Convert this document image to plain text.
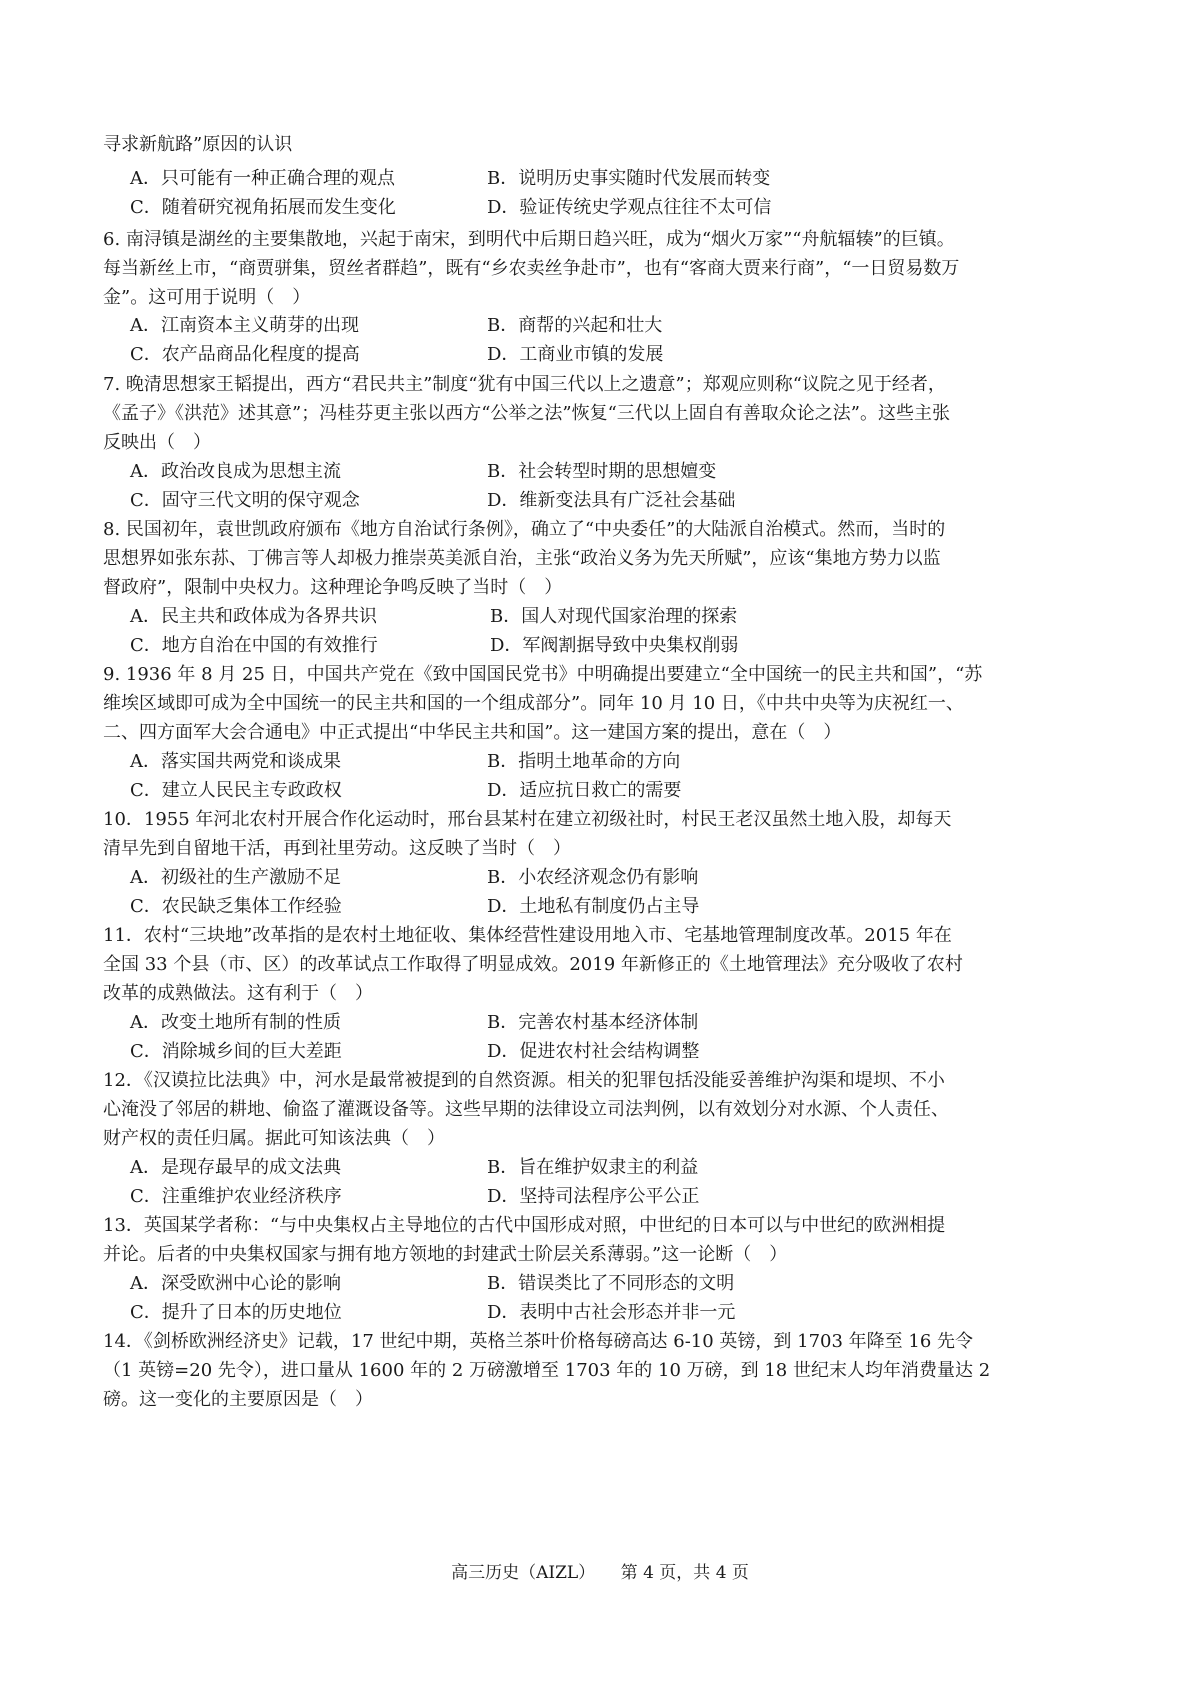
寻求新航路”原因的认识
A．只可能有一种正确合理的观点	B．说明历史事实随时代发展而转变
C．随着研究视角拓展而发生变化	D．验证传统史学观点往往不太可信
6. 南浔镇是湖丝的主要集散地，兴起于南宋，到明代中后期日趋兴旺，成为“烟火万家”“舟航辐辏”的巨镇。
每当新丝上市，“商贾骈集，贸丝者群趋”，既有“乡农卖丝争赴市”，也有“客商大贾来行商”，“一日贸易数万
金”。这可用于说明（　）
A．江南资本主义萌芽的出现	B．商帮的兴起和壮大
C．农产品商品化程度的提高	D．工商业市镇的发展
7. 晚清思想家王韬提出，西方“君民共主”制度“犹有中国三代以上之遗意”；郑观应则称“议院之见于经者，
《孟子》《洪范》述其意”；冯桂芬更主张以西方“公举之法”恢复“三代以上固自有善取众论之法”。这些主张
反映出（　）
A．政治改良成为思想主流	B．社会转型时期的思想嬗变
C．固守三代文明的保守观念	D．维新变法具有广泛社会基础
8. 民国初年，袁世凯政府颁布《地方自治试行条例》，确立了“中央委任”的大陆派自治模式。然而，当时的
思想界如张东荪、丁佛言等人却极力推崇英美派自治，主张“政治义务为先天所赋”，应该“集地方势力以监
督政府”，限制中央权力。这种理论争鸣反映了当时（　）
A．民主共和政体成为各界共识	B．国人对现代国家治理的探索
C．地方自治在中国的有效推行	D．军阀割据导致中央集权削弱
9. 1936 年 8 月 25 日，中国共产党在《致中国国民党书》中明确提出要建立“全中国统一的民主共和国”，“苏
维埃区域即可成为全中国统一的民主共和国的一个组成部分”。同年 10 月 10 日，《中共中央等为庆祝红一、
二、四方面军大会合通电》中正式提出“中华民主共和国”。这一建国方案的提出，意在（　）
A．落实国共两党和谈成果	B．指明土地革命的方向
C．建立人民民主专政政权	D．适应抗日救亡的需要
10．1955 年河北农村开展合作化运动时，邢台县某村在建立初级社时，村民王老汉虽然土地入股，却每天
清早先到自留地干活，再到社里劳动。这反映了当时（　）
A．初级社的生产激励不足	B．小农经济观念仍有影响
C．农民缺乏集体工作经验	D．土地私有制度仍占主导
11．农村“三块地”改革指的是农村土地征收、集体经营性建设用地入市、宅基地管理制度改革。2015 年在
全国 33 个县（市、区）的改革试点工作取得了明显成效。2019 年新修正的《土地管理法》充分吸收了农村
改革的成熟做法。这有利于（　）
A．改变土地所有制的性质	B．完善农村基本经济体制
C．消除城乡间的巨大差距	D．促进农村社会结构调整
12．《汉谟拉比法典》中，河水是最常被提到的自然资源。相关的犯罪包括没能妥善维护沟渠和堤坝、不小
心淹没了邻居的耕地、偷盗了灌溉设备等。这些早期的法律设立司法判例，以有效划分对水源、个人责任、
财产权的责任归属。据此可知该法典（　）
A．是现存最早的成文法典	B．旨在维护奴隶主的利益
C．注重维护农业经济秩序	D．坚持司法程序公平公正
13．英国某学者称：“与中央集权占主导地位的古代中国形成对照，中世纪的日本可以与中世纪的欧洲相提
并论。后者的中央集权国家与拥有地方领地的封建武士阶层关系薄弱。”这一论断（　）
A．深受欧洲中心论的影响	B．错误类比了不同形态的文明
C．提升了日本的历史地位	D．表明中古社会形态并非一元
14．《剑桥欧洲经济史》记载，17 世纪中期，英格兰茶叶价格每磅高达 6-10 英镑，到 1703 年降至 16 先令
（1 英镑=20 先令），进口量从 1600 年的 2 万磅激增至 1703 年的 10 万磅，到 18 世纪末人均年消费量达 2
磅。这一变化的主要原因是（　）
高三历史（AIZL）　　第 4 页，共 4 页
